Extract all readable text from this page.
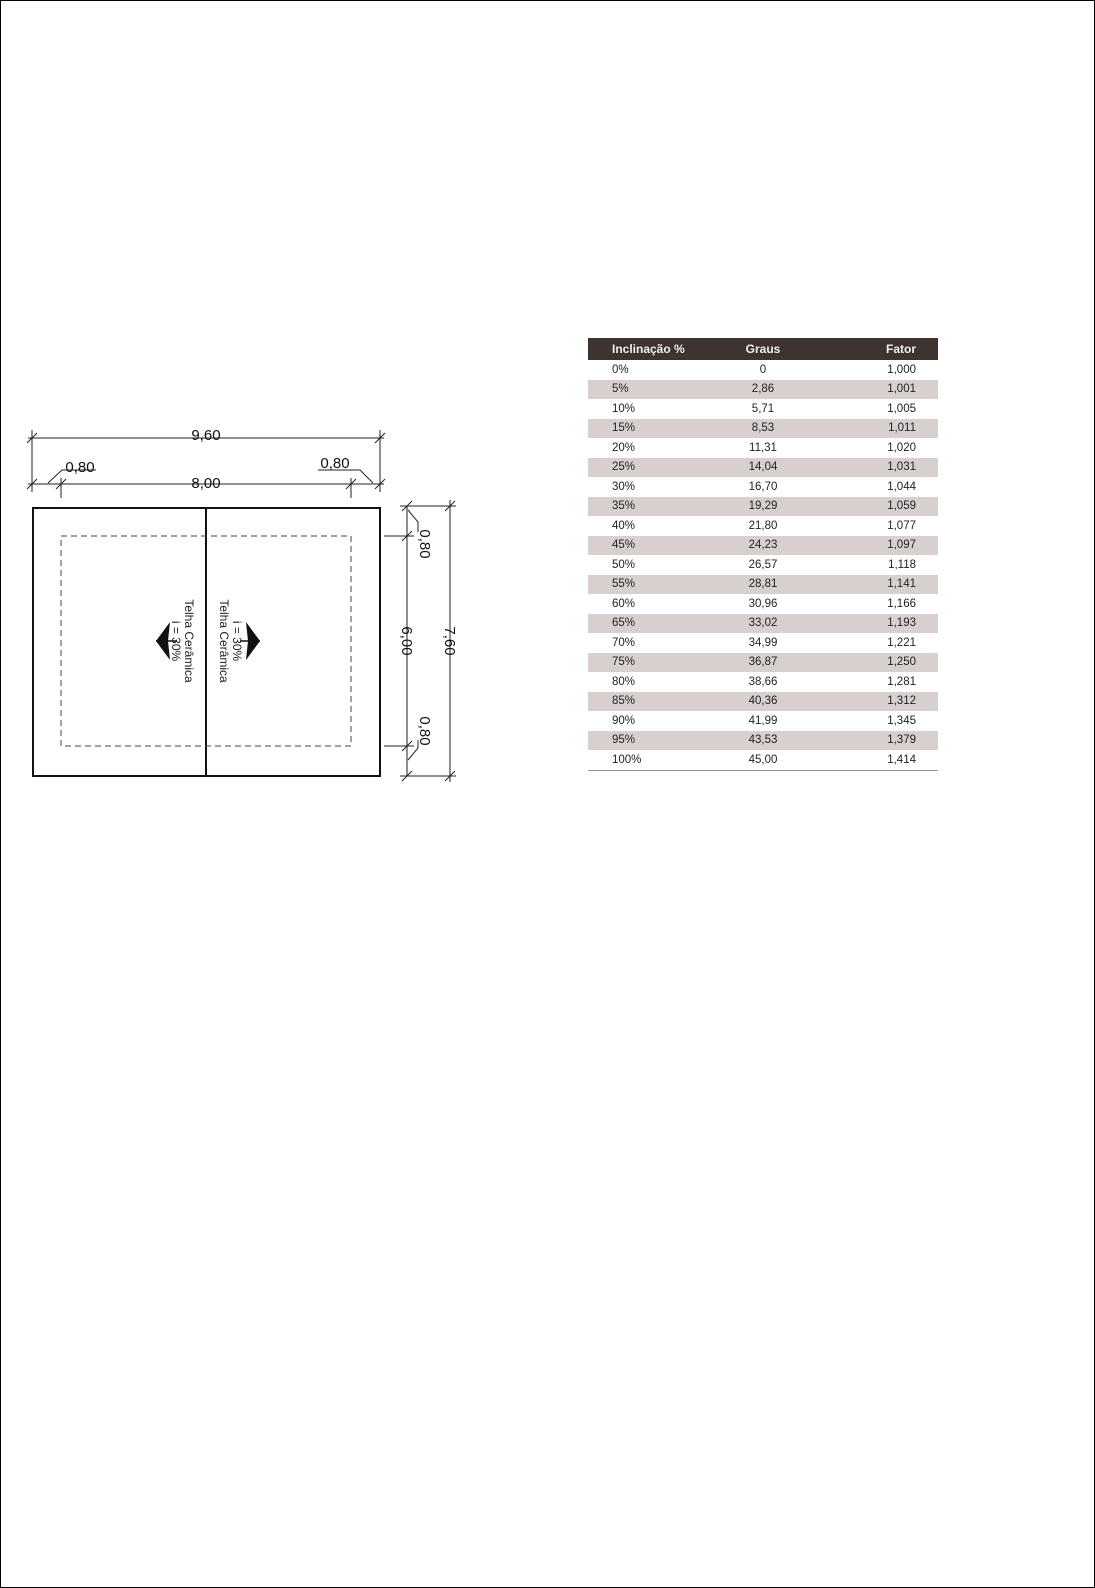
Telha Cerâmica
i = 30%	i = 30%
Telha Cerâmica
9,60
0,80	0,80
8,00
0,80
6,00
0,80
7,60
Inclinação %	Graus	Fator
0%	0	1,000
5%	2,86	1,001
10%	5,71	1,005
15%	8,53	1,011
20%	11,31	1,020
25%	14,04	1,031
30%	16,70	1,044
35%	19,29	1,059
40%	21,80	1,077
45%	24,23	1,097
50%	26,57	1,118
55%	28,81	1,141
60%	30,96	1,166
65%	33,02	1,193
70%	34,99	1,221
75%	36,87	1,250
80%	38,66	1,281
85%	40,36	1,312
90%	41,99	1,345
95%	43,53	1,379
100%	45,00	1,414
